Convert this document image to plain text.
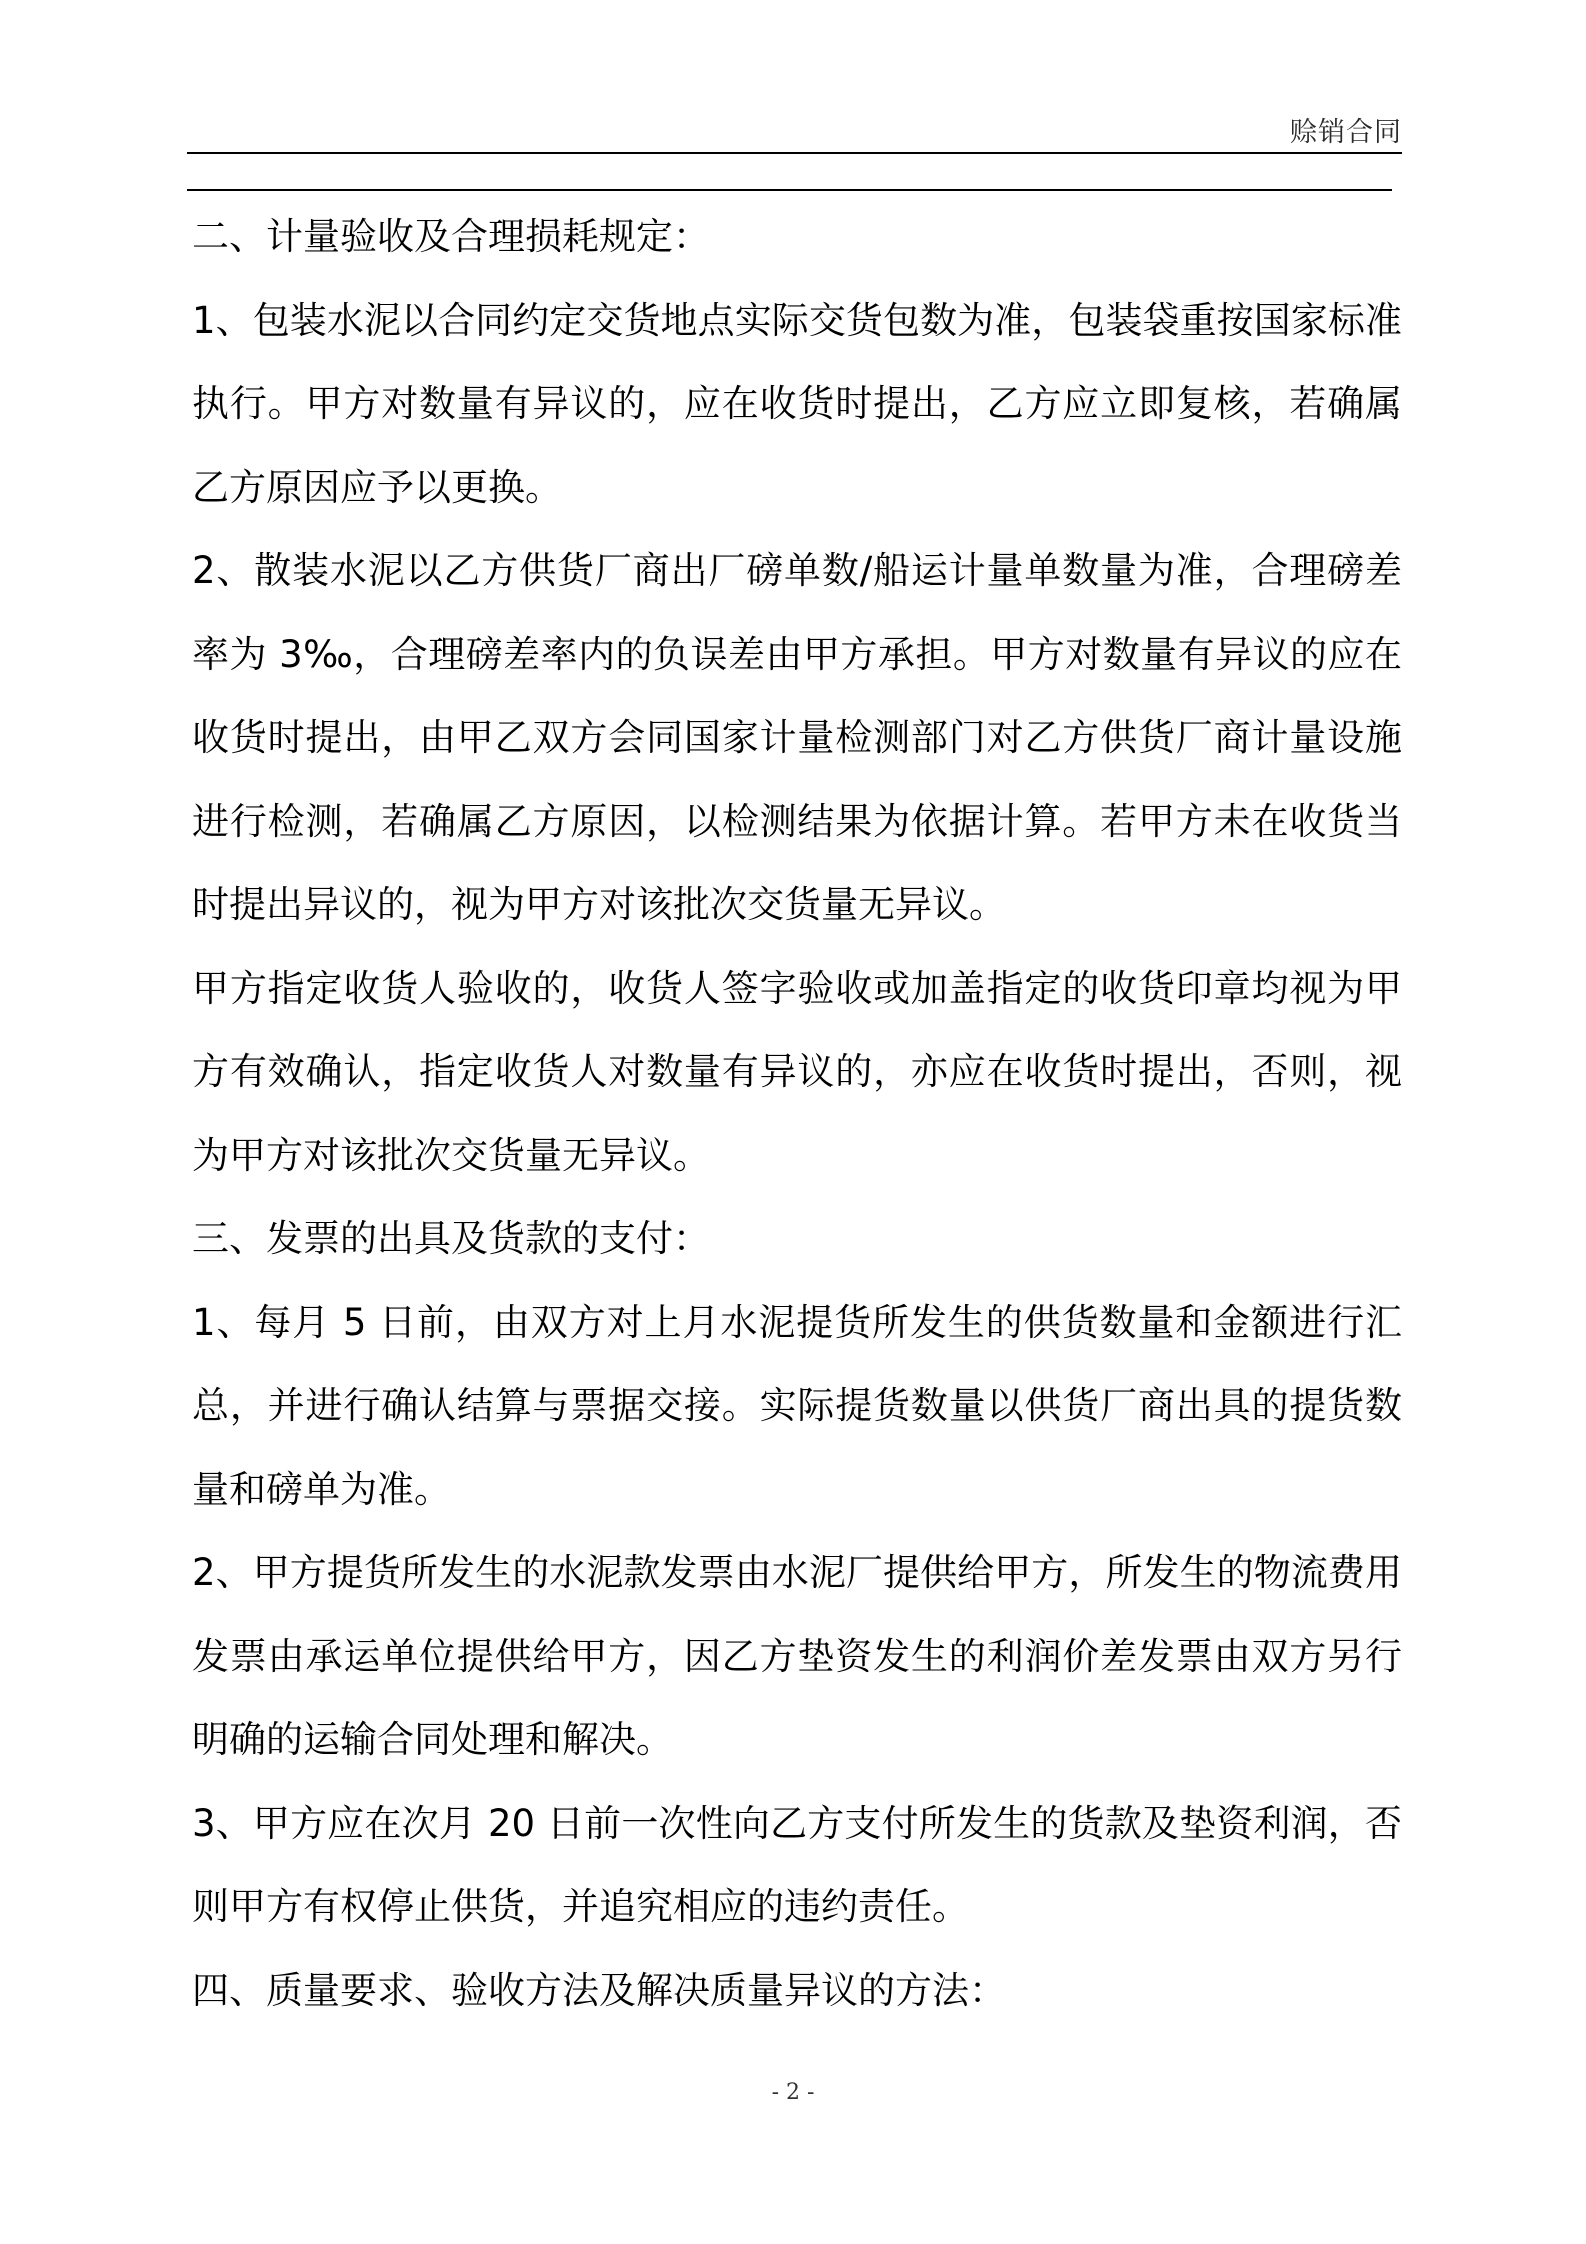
赊销合同
二、计量验收及合理损耗规定：
1、包装水泥以合同约定交货地点实际交货包数为准，包装袋重按国家标准
执行。甲方对数量有异议的，应在收货时提出，乙方应立即复核，若确属
乙方原因应予以更换。
2、散装水泥以乙方供货厂商出厂磅单数/船运计量单数量为准，合理磅差
率为 3‰，合理磅差率内的负误差由甲方承担。甲方对数量有异议的应在
收货时提出，由甲乙双方会同国家计量检测部门对乙方供货厂商计量设施
进行检测，若确属乙方原因，以检测结果为依据计算。若甲方未在收货当
时提出异议的，视为甲方对该批次交货量无异议。
甲方指定收货人验收的，收货人签字验收或加盖指定的收货印章均视为甲
方有效确认，指定收货人对数量有异议的，亦应在收货时提出，否则，视
为甲方对该批次交货量无异议。
三、发票的出具及货款的支付：
1、每月 5 日前，由双方对上月水泥提货所发生的供货数量和金额进行汇
总，并进行确认结算与票据交接。实际提货数量以供货厂商出具的提货数
量和磅单为准。
2、甲方提货所发生的水泥款发票由水泥厂提供给甲方，所发生的物流费用
发票由承运单位提供给甲方，因乙方垫资发生的利润价差发票由双方另行
明确的运输合同处理和解决。
3、甲方应在次月 20 日前一次性向乙方支付所发生的货款及垫资利润，否
则甲方有权停止供货，并追究相应的违约责任。
四、质量要求、验收方法及解决质量异议的方法：
- 2 -
